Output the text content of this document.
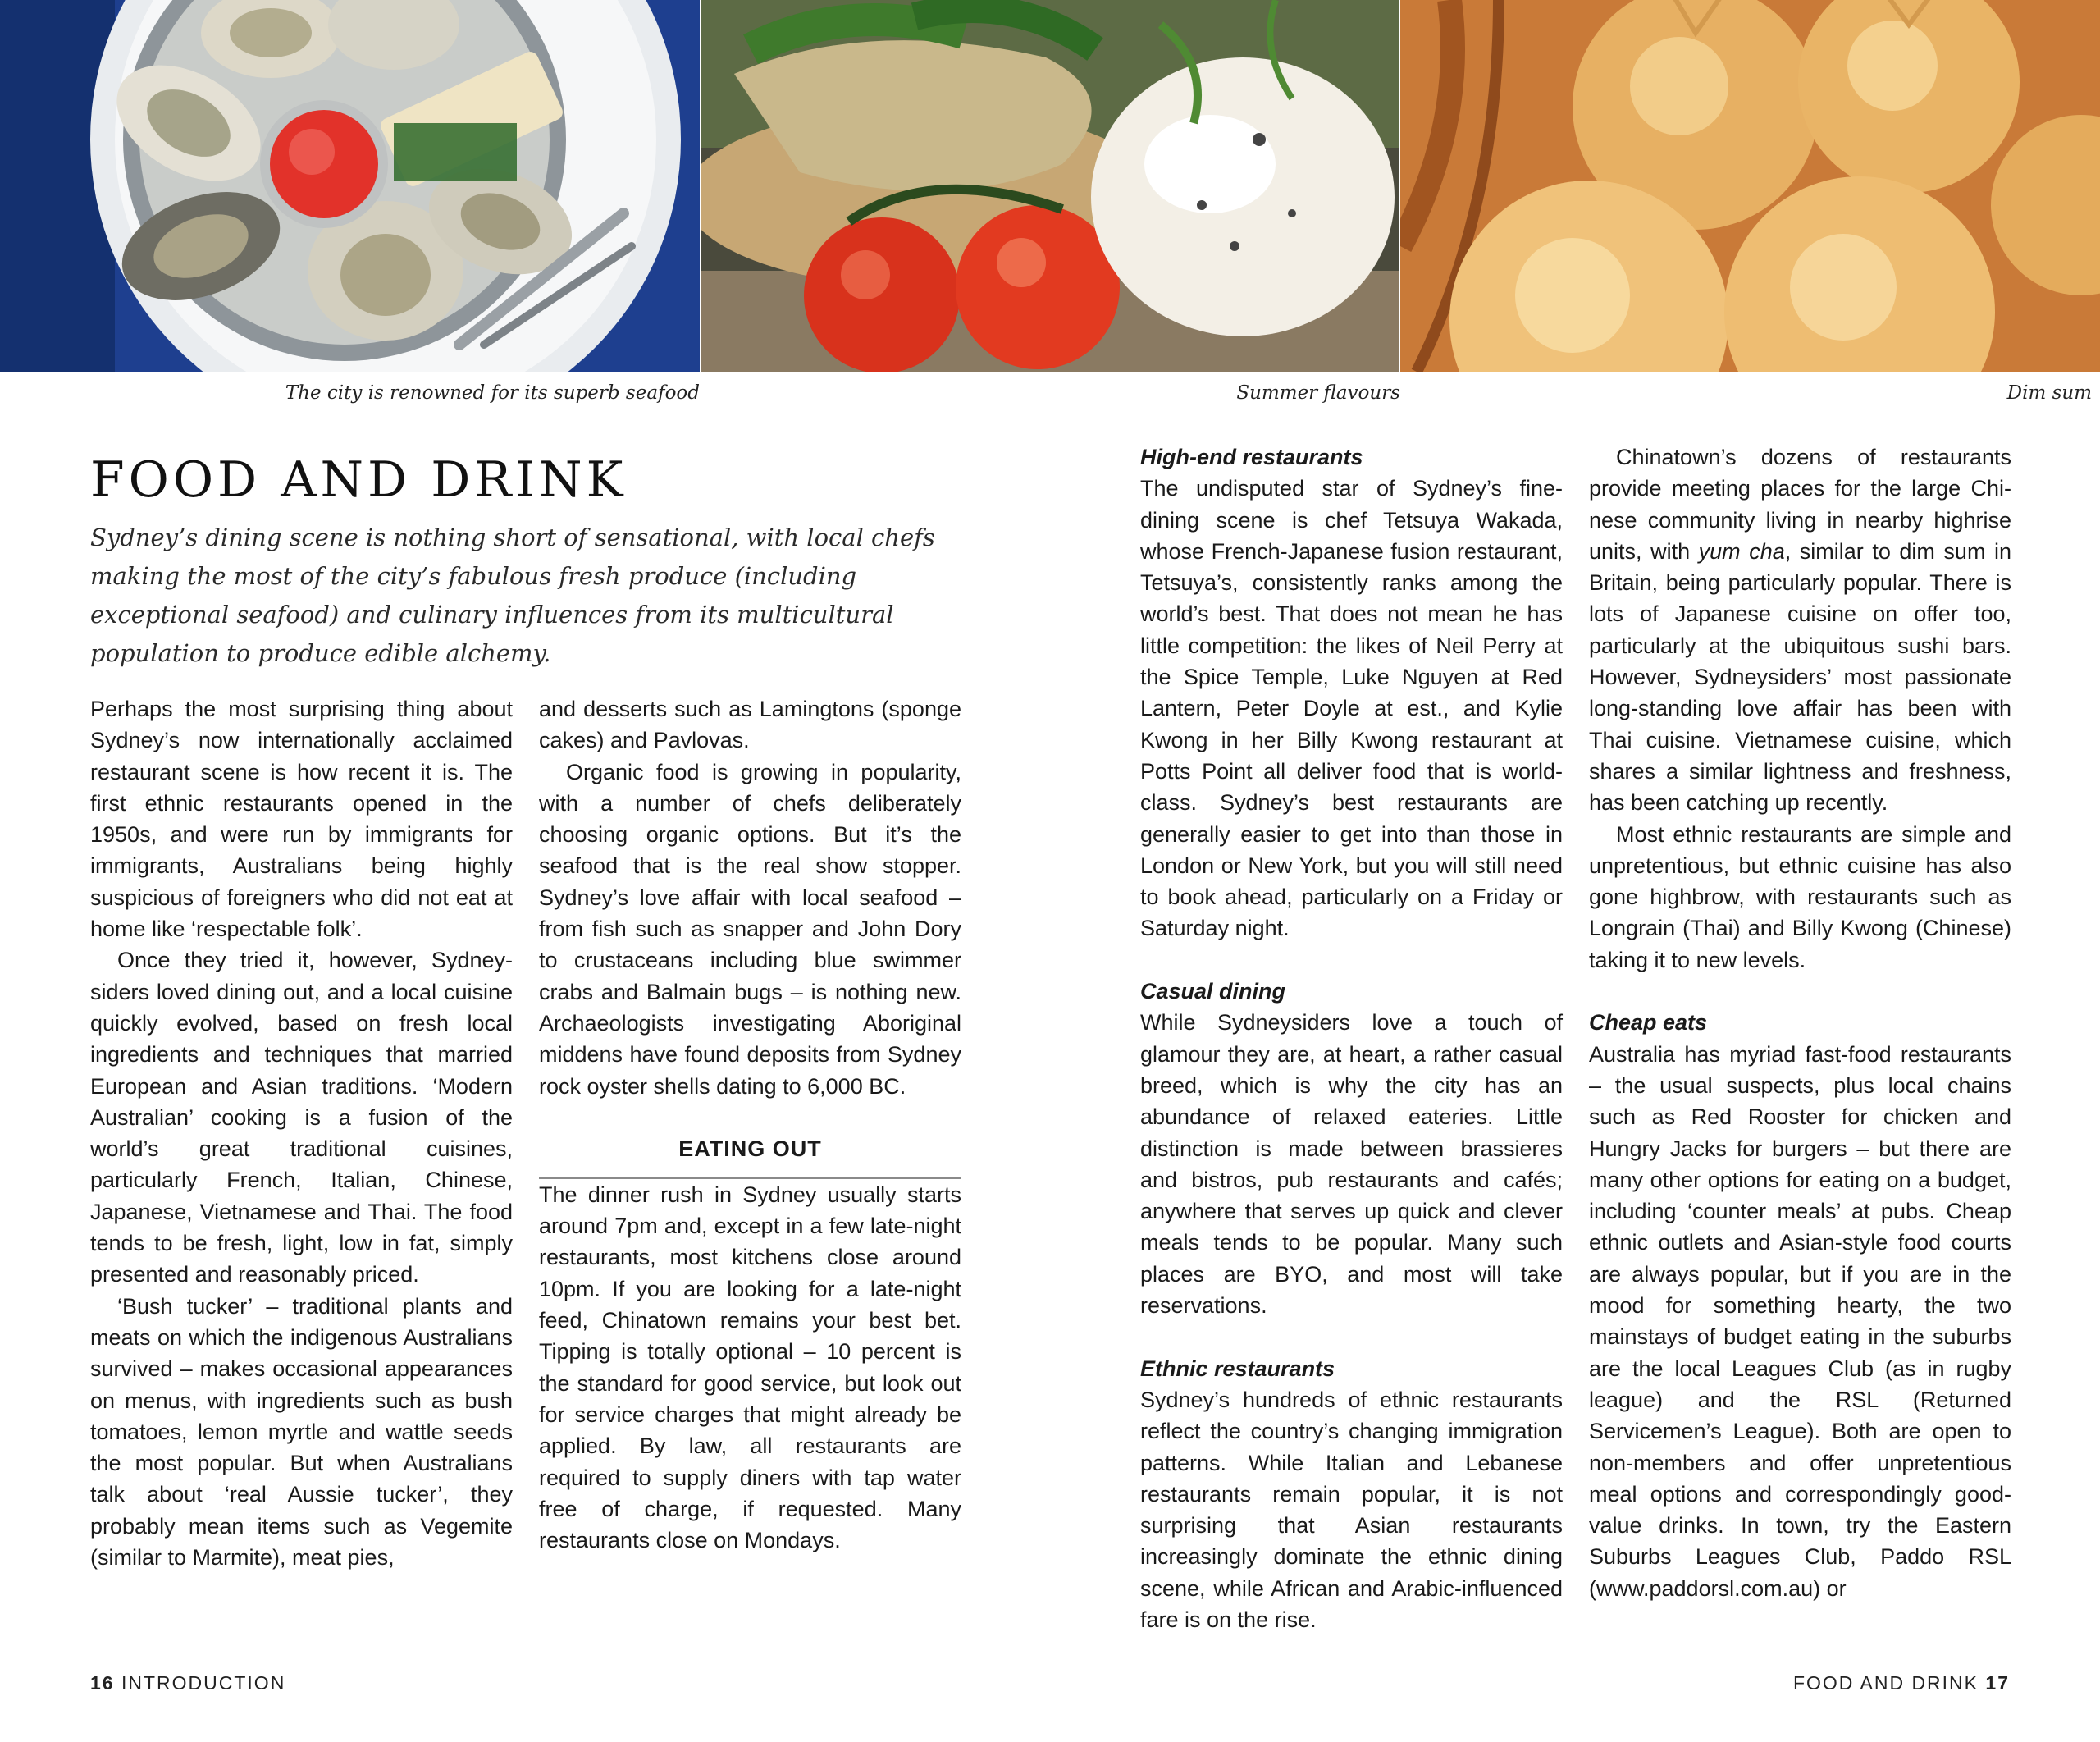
The city is renowned for its superb seafood	Summer flavours	Dim sum
FOOD AND DRINK

Sydney’s dining scene is nothing short of sensational, with local chefs making the most of the city’s fabulous fresh produce (including exceptional seafood) and culinary influences from its multicultural population to produce edible alchemy.

Perhaps the most surprising thing about Sydney’s now internationally acclaimed restaurant scene is how recent it is. The first ethnic restaurants opened in the 1950s, and were run by immigrants for immigrants, Australians being highly suspicious of foreigners who did not eat at home like ‘respectable folk’.

Once they tried it, however, Sydneysiders loved dining out, and a local cuisine quickly evolved, based on fresh local ingredients and techniques that married European and Asian traditions. ‘Modern Australian’ cooking is a fusion of the world’s great traditional cuisines, particularly French, Italian, Chinese, Japanese, Vietnamese and Thai. The food tends to be fresh, light, low in fat, simply presented and reasonably priced.

‘Bush tucker’ – traditional plants and meats on which the indigenous Australians survived – makes occasional appearances on menus, with ingredients such as bush tomatoes, lemon myrtle and wattle seeds the most popular. But when Australians talk about ‘real Aussie tucker’, they probably mean items such as Vegemite (similar to Marmite), meat pies,

and desserts such as Lamingtons (sponge cakes) and Pavlovas.

Organic food is growing in popularity, with a number of chefs deliberately choosing organic options. But it’s the seafood that is the real show stopper. Sydney’s love affair with local seafood – from fish such as snapper and John Dory to crustaceans including blue swimmer crabs and Balmain bugs – is nothing new. Archaeologists investigating Aboriginal middens have found deposits from Sydney rock oyster shells dating to 6,000 BC.

EATING OUT

The dinner rush in Sydney usually starts around 7pm and, except in a few late-night restaurants, most kitchens close around 10pm. If you are looking for a late-night feed, Chinatown remains your best bet. Tipping is totally optional – 10 percent is the standard for good service, but look out for service charges that might already be applied. By law, all restaurants are required to supply diners with tap water free of charge, if requested. Many restaurants close on Mondays.

High-end restaurants

The undisputed star of Sydney’s fine-dining scene is chef Tetsuya Wakada, whose French-Japanese fusion restaurant, Tetsuya’s, consistently ranks among the world’s best. That does not mean he has little competition: the likes of Neil Perry at the Spice Temple, Luke Nguyen at Red Lantern, Peter Doyle at est., and Kylie Kwong in her Billy Kwong restaurant at Potts Point all deliver food that is world-class. Sydney’s best restaurants are generally easier to get into than those in London or New York, but you will still need to book ahead, particularly on a Friday or Saturday night.

Casual dining

While Sydneysiders love a touch of glamour they are, at heart, a rather casual breed, which is why the city has an abundance of relaxed eateries. Little distinction is made between brassieres and bistros, pub restaurants and cafés; anywhere that serves up quick and clever meals tends to be popular. Many such places are BYO, and most will take reservations.

Ethnic restaurants

Sydney’s hundreds of ethnic restaurants reflect the country’s changing immigration patterns. While Italian and Lebanese restaurants remain popular, it is not surprising that Asian restaurants increasingly dominate the ethnic dining scene, while African and Arabic-influenced fare is on the rise.

Chinatown’s dozens of restaurants provide meeting places for the large Chinese community living in nearby highrise units, with yum cha, similar to dim sum in Britain, being particularly popular. There is lots of Japanese cuisine on offer too, particularly at the ubiquitous sushi bars. However, Sydneysiders’ most passionate long-standing love affair has been with Thai cuisine. Vietnamese cuisine, which shares a similar lightness and freshness, has been catching up recently.

Most ethnic restaurants are simple and unpretentious, but ethnic cuisine has also gone highbrow, with restaurants such as Longrain (Thai) and Billy Kwong (Chinese) taking it to new levels.

Cheap eats

Australia has myriad fast-food restaurants – the usual suspects, plus local chains such as Red Rooster for chicken and Hungry Jacks for burgers – but there are many other options for eating on a budget, including ‘counter meals’ at pubs. Cheap ethnic outlets and Asian-style food courts are always popular, but if you are in the mood for something hearty, the two mainstays of budget eating in the suburbs are the local Leagues Club (as in rugby league) and the RSL (Returned Servicemen’s League). Both are open to non-members and offer unpretentious meal options and correspondingly good-value drinks. In town, try the Eastern Suburbs Leagues Club, Paddo RSL (www.paddorsl.com.au) or

16 INTRODUCTION	FOOD AND DRINK 17
